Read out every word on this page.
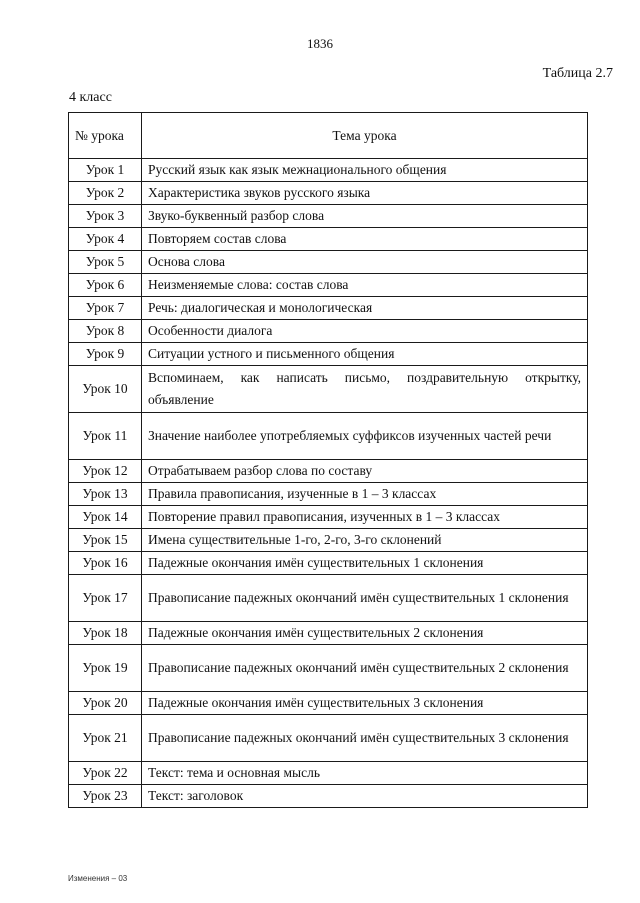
1836
Таблица 2.7
4 класс
№ урока	Тема урока
Урок 1	Русский язык как язык межнационального общения
Урок 2	Характеристика звуков русского языка
Урок 3	Звуко-буквенный разбор слова
Урок 4	Повторяем состав слова
Урок 5	Основа слова
Урок 6	Неизменяемые слова: состав слова
Урок 7	Речь: диалогическая и монологическая
Урок 8	Особенности диалога
Урок 9	Ситуации устного и письменного общения
Урок 10	Вспоминаем, как написать письмо, поздравительную открытку, объявление
Урок 11	Значение наиболее употребляемых суффиксов изученных частей речи
Урок 12	Отрабатываем разбор слова по составу
Урок 13	Правила правописания, изученные в 1 – 3 классах
Урок 14	Повторение правил правописания, изученных в 1 – 3 классах
Урок 15	Имена существительные 1-го, 2-го, 3-го склонений
Урок 16	Падежные окончания имён существительных 1 склонения
Урок 17	Правописание падежных окончаний имён существительных 1 склонения
Урок 18	Падежные окончания имён существительных 2 склонения
Урок 19	Правописание падежных окончаний имён существительных 2 склонения
Урок 20	Падежные окончания имён существительных 3 склонения
Урок 21	Правописание падежных окончаний имён существительных 3 склонения
Урок 22	Текст: тема и основная мысль
Урок 23	Текст: заголовок
Изменения – 03
